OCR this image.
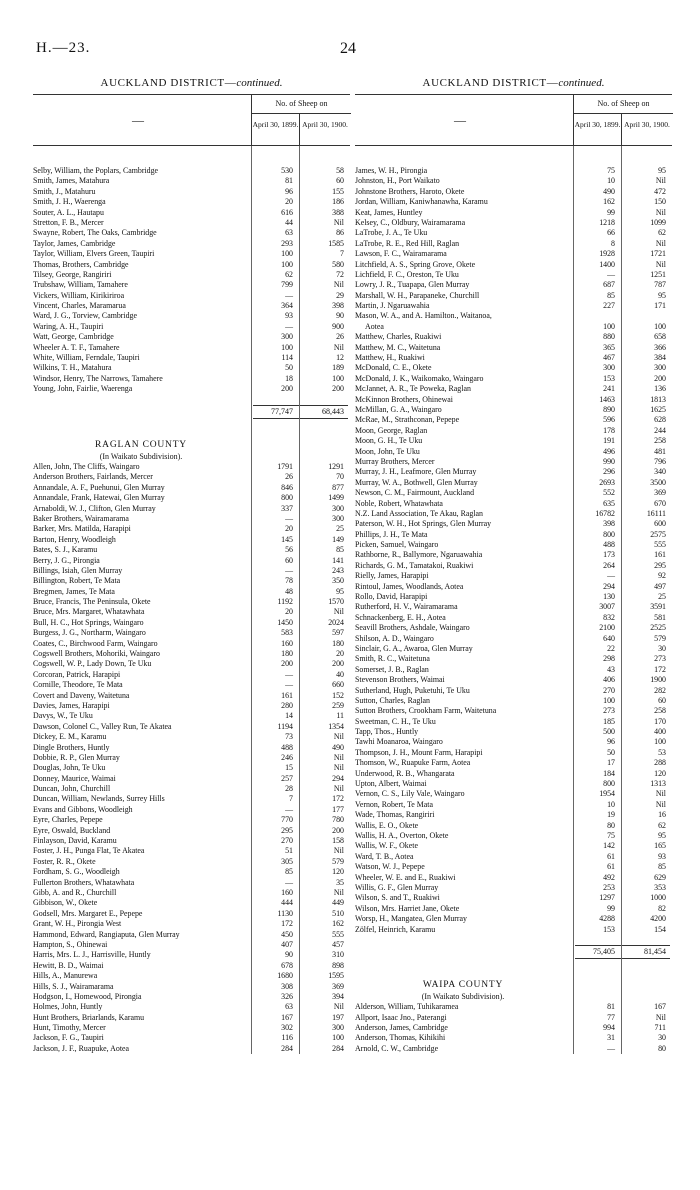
H.—23.	24
AUCKLAND DISTRICT—continued.
—
No. of Sheep on
April 30, 1899. April 30, 1900.
Selby, William, the Poplars, Cambridge	530	58
Smith, James, Matahura	81	60
Smith, J., Matahuru	96	155
Smith, J. H., Waerenga	20	186
Souter, A. L., Hautapu	616	388
Stretton, F. B., Mercer	44	Nil
Swayne, Robert, The Oaks, Cambridge	63	86
Taylor, James, Cambridge	293	1585
Taylor, William, Elvers Green, Taupiri	100	7
Thomas, Brothers, Cambridge	100	580
Tilsey, George, Rangiriri	62	72
Trubshaw, William, Tamahere	799	Nil
Vickers, William, Kirikiriroa	—	29
Vincent, Charles, Maramarua	364	398
Ward, J. G., Torview, Cambridge	93	90
Waring, A. H., Taupiri	—	900
Watt, George, Cambridge	300	26
Wheeler A. T. F., Tamahere	100	Nil
White, William, Ferndale, Taupiri	114	12
Wilkins, T. H., Matahura	50	189
Windsor, Henry, The Narrows, Tamahere	18	100
Young, John, Fairlie, Waerenga	200	200
77,747	68,443
RAGLAN COUNTY
(In Waikato Subdivision).
Allen, John, The Cliffs, Waingaro	1791	1291
Anderson Brothers, Fairlands, Mercer	26	70
Annandale, A. F., Puehunui, Glen Murray	846	877
Annandale, Frank, Hatewai, Glen Murray	800	1499
Arnaboldi, W. J., Clifton, Glen Murray	337	300
Baker Brothers, Wairamarama	—	300
Barker, Mrs. Matilda, Harapipi	20	25
Barton, Henry, Woodleigh	145	149
Bates, S. J., Karamu	56	85
Berry, J. G., Pirongia	60	141
Billings, Isiah, Glen Murray	—	243
Billington, Robert, Te Mata	78	350
Bregmen, James, Te Mata	48	95
Bruce, Francis, The Peninsula, Okete	1192	1570
Bruce, Mrs. Margaret, Whatawhata	20	Nil
Bull, H. C., Hot Springs, Waingaro	1450	2024
Burgess, J. G., Northarm, Waingaro	583	597
Coates, C., Birchwood Farm, Waingaro	160	180
Cogswell Brothers, Mohoriki, Waingaro	180	20
Cogswell, W. P., Lady Down, Te Uku	200	200
Corcoran, Patrick, Harapipi	—	40
Cornille, Theodore, Te Mata	—	660
Covert and Daveny, Waitetuna	161	152
Davies, James, Harapipi	280	259
Davys, W., Te Uku	14	11
Dawson, Colonel C., Valley Run, Te Akatea	1194	1354
Dickey, E. M., Karamu	73	Nil
Dingle Brothers, Huntly	488	490
Dobbie, R. P., Glen Murray	246	Nil
Douglas, John, Te Uku	15	Nil
Donney, Maurice, Waimai	257	294
Duncan, John, Churchill	28	Nil
Duncan, William, Newlands, Surrey Hills	7	172
Evans and Gibbons, Woodleigh	—	177
Eyre, Charles, Pepepe	770	780
Eyre, Oswald, Buckland	295	200
Finlayson, David, Karamu	270	158
Foster, J. H., Punga Flat, Te Akatea	51	Nil
Foster, R. R., Okete	305	579
Fordham, S. G., Woodleigh	85	120
Fullerton Brothers, Whatawhata	—	35
Gibb, A. and R., Churchill	160	Nil
Gibbison, W., Okete	444	449
Godsell, Mrs. Margaret E., Pepepe	1130	510
Grant, W. H., Pirongia West	172	162
Hammond, Edward, Rangiaputa, Glen Murray	450	555
Hampton, S., Ohinewai	407	457
Harris, Mrs. L. J., Harrisville, Huntly	90	310
Hewitt, B. D., Waimai	678	898
Hills, A., Manurewa	1680	1595
Hills, S. J., Wairamarama	308	369
Hodgson, I., Homewood, Pirongia	326	394
Holmes, John, Huntly	63	Nil
Hunt Brothers, Briarlands, Karamu	167	197
Hunt, Timothy, Mercer	302	300
Jackson, F. G., Taupiri	116	100
Jackson, J. F., Ruapuke, Aotea	284	284
AUCKLAND DISTRICT—continued.
—
No. of Sheep on
April 30, 1899. April 30, 1900.
James, W. H., Pirongia	75	95
Johnston, H., Port Waikato	10	Nil
Johnstone Brothers, Haroto, Okete	490	472
Jordan, William, Kaniwhanawha, Karamu	162	150
Keat, James, Huntley	99	Nil
Kelsey, C., Oldbury, Wairamarama	1218	1099
LaTrobe, J. A., Te Uku	66	62
LaTrobe, R. E., Red Hill, Raglan	8	Nil
Lawson, F. C., Wairamarama	1928	1721
Litchfield, A. S., Spring Grove, Okete	1400	Nil
Lichfield, F. C., Oreston, Te Uku	—	1251
Lowry, J. R., Tuapapa, Glen Murray	687	787
Marshall, W. H., Parapaneke, Churchill	85	95
Martin, J. Ngaruawahia	227	171
Mason, W. A., and A. Hamilton., Waitanoa,
Aotea	100	100
Matthew, Charles, Ruakiwi	880	658
Matthew, M. C., Waitetuna	365	366
Matthew, H., Ruakiwi	467	384
McDonald, C. E., Okete	300	300
McDonald, J. K., Waikomako, Waingaro	153	200
McJannet, A. R., Te Poweka, Raglan	241	136
McKinnon Brothers, Ohinewai	1463	1813
McMillan, G. A., Waingaro	890	1625
McRae, M., Strathconan, Pepepe	596	628
Moon, George, Raglan	178	244
Moon, G. H., Te Uku	191	258
Moon, John, Te Uku	496	481
Murray Brothers, Mercer	990	796
Murray, J. H., Leafmore, Glen Murray	296	340
Murray, W. A., Bothwell, Glen Murray	2693	3500
Newson, C. M., Fairmount, Auckland	552	369
Noble, Robert, Whatawhata	635	670
N.Z. Land Association, Te Akau, Raglan	16782	16111
Paterson, W. H., Hot Springs, Glen Murray	398	600
Phillips, J. H., Te Mata	800	2575
Picken, Samuel, Waingaro	488	555
Rathborne, R., Ballymore, Ngaruawahia	173	161
Richards, G. M., Tamatakoi, Ruakiwi	264	295
Rielly, James, Harapipi	—	92
Rintoul, James, Woodlands, Aotea	294	497
Rollo, David, Harapipi	130	25
Rutherford, H. V., Wairamarama	3007	3591
Schnackenberg, E. H., Aotea	832	581
Seavill Brothers, Ashdale, Waingaro	2100	2525
Shilson, A. D., Waingaro	640	579
Sinclair, G. A., Awaroa, Glen Murray	22	30
Smith, R. C., Waitetuna	298	273
Somerset, J. B., Raglan	43	172
Stevenson Brothers, Waimai	406	1900
Sutherland, Hugh, Puketuhi, Te Uku	270	282
Sutton, Charles, Raglan	100	60
Sutton Brothers, Crookham Farm, Waitetuna	273	258
Sweetman, C. H., Te Uku	185	170
Tapp, Thos., Huntly	500	400
Tawhi Moanaroa, Waingaro	96	100
Thompson, J. H., Mount Farm, Harapipi	50	53
Thomson, W., Ruapuke Farm, Aotea	17	288
Underwood, R. B., Whangarata	184	120
Upton, Albert, Waimai	800	1313
Vernon, C. S., Lily Vale, Waingaro	1954	Nil
Vernon, Robert, Te Mata	10	Nil
Wade, Thomas, Rangiriri	19	16
Wallis, E. O., Okete	80	62
Wallis, H. A., Overton, Okete	75	95
Wallis, W. F., Okete	142	165
Ward, T. B., Aotea	61	93
Watson, W. J., Pepepe	61	85
Wheeler, W. E. and E., Ruakiwi	492	629
Willis, G. F., Glen Murray	253	353
Wilson, S. and T., Ruakiwi	1297	1000
Wilson, Mrs. Harriet Jane, Okete	99	82
Worsp, H., Mangatea, Glen Murray	4288	4200
Zölfel, Heinrich, Karamu	153	154
75,405	81,454
WAIPA COUNTY
(In Waikato Subdivision).
Alderson, William, Tuhikaramea	81	167
Allport, Isaac Jno., Paterangi	77	Nil
Anderson, James, Cambridge	994	711
Anderson, Thomas, Kihikihi	31	30
Arnold, C. W., Cambridge	—	80
